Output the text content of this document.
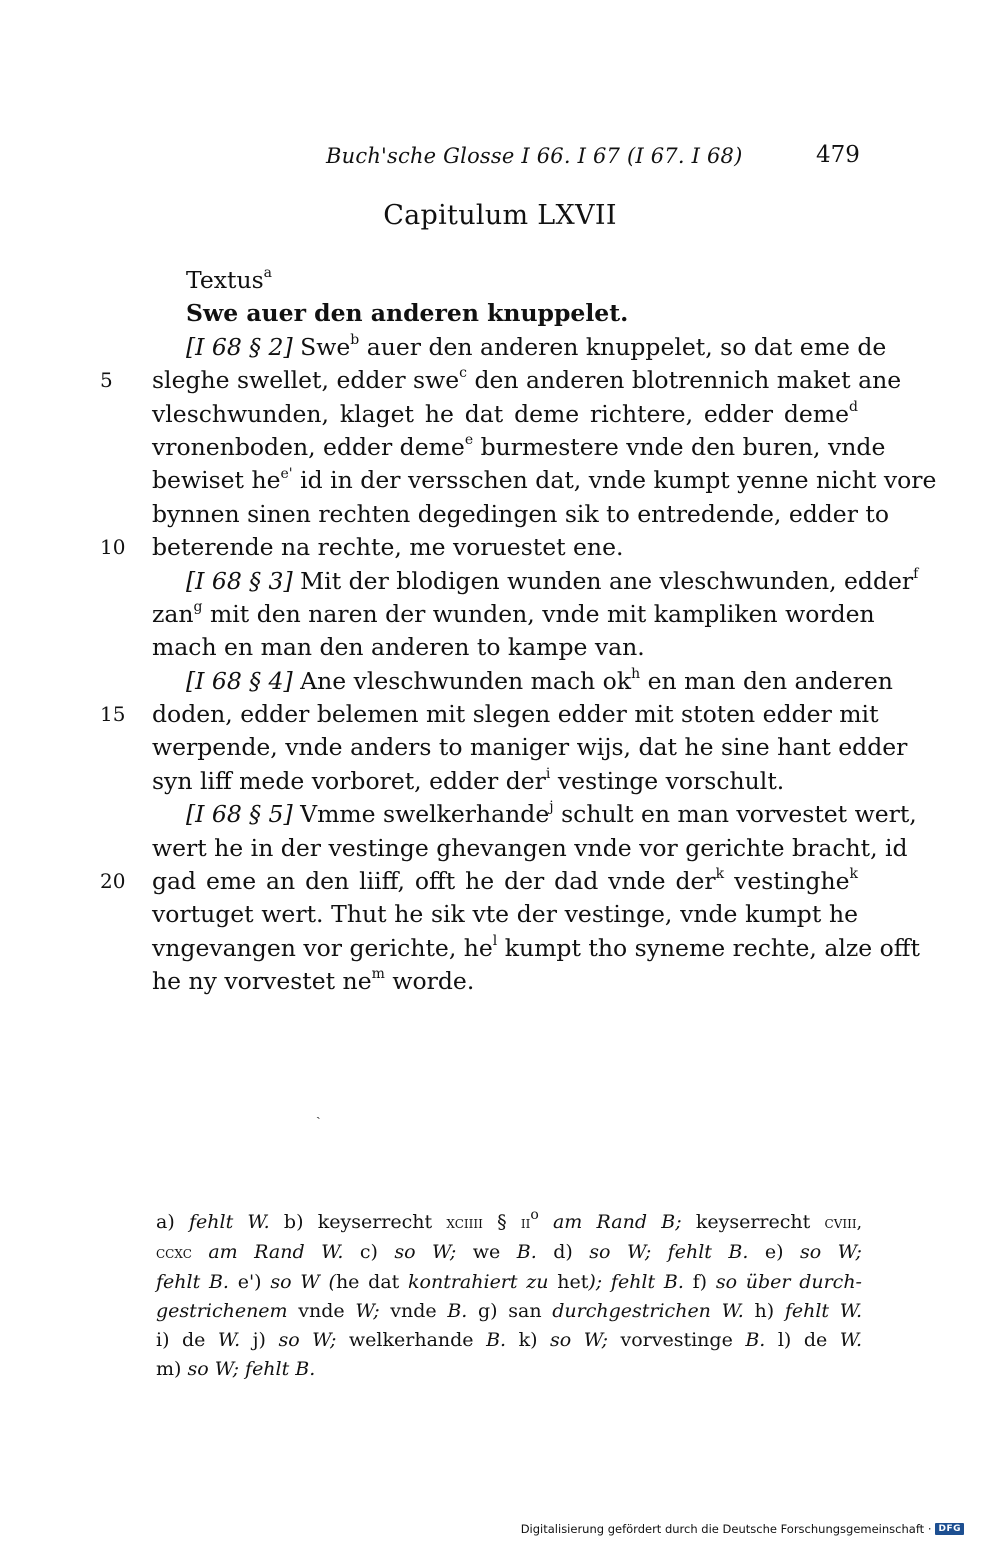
Buch'sche Glosse I 66. I 67 (I 67. I 68)	479
Capitulum LXVII
Textus$^a$
Swe auer den anderen knuppelet.
[I 68 § 2] Swe$^b$ auer den anderen knuppelet, so dat eme de
5	sleghe swellet, edder swe$^c$ den anderen blotrennich maket ane
vleschwunden, klaget he dat deme richtere, edder deme$^d$
vronenboden, edder deme$^e$ burmestere vnde den buren, vnde
bewiset $he^{e'}$ id in der versschen dat, vnde kumpt yenne nicht vore
bynnen sinen rechten degedingen sik to entredende, edder to
10 beterende na rechte, me voruestet ene.
[I 68 § 3] Mit der blodigen wunden ane vleschwunden, edder$^f$
zan$^g$ mit den naren der wunden, vnde mit kampliken worden
mach en man den anderen to kampe van.
[I 68 § 4] Ane vleschwunden mach $ok^h$ en man den anderen
15 doden, edder belemen mit slegen edder mit stoten edder mit
werpende, vnde anders to maniger wijs, dat he sine hant edder
syn liff mede vorboret, edder der$^i$ vestinge vorschult.
[I 68 § 5] Vmme swelkerhande$^j$ schult en man vorvestet wert,
wert he in der vestinge ghevangen vnde vor gerichte bracht, id
20 gad eme an den liiff, offt he der dad vnde der$^k$ vestinghe$^k$
vortuget wert. Thut he sik vte der vestinge, vnde kumpt he
vngevangen vor gerichte, $he^l$ kumpt tho syneme rechte, alze offt
he ny vorvestet $ne^m$ worde.
ˎ
a) fehlt W. b) keyserrecht xciiii § $ii^o$ am Rand B; keyserrecht cviii,
ccxc am Rand W. c) so W; we B. d) so W; fehlt B. e) so W;
fehlt B. e') so W (he dat kontrahiert zu het); fehlt B. f) so über durch-
gestrichenem vnde W; vnde B. g) san durchgestrichen W. h) fehlt W.
i) de W. j) so W; welkerhande B. k) so W; vorvestinge B. l) de W.
m) so W; fehlt B.
Digitalisierung gefördert durch die Deutsche Forschungsgemeinschaft · DFG
